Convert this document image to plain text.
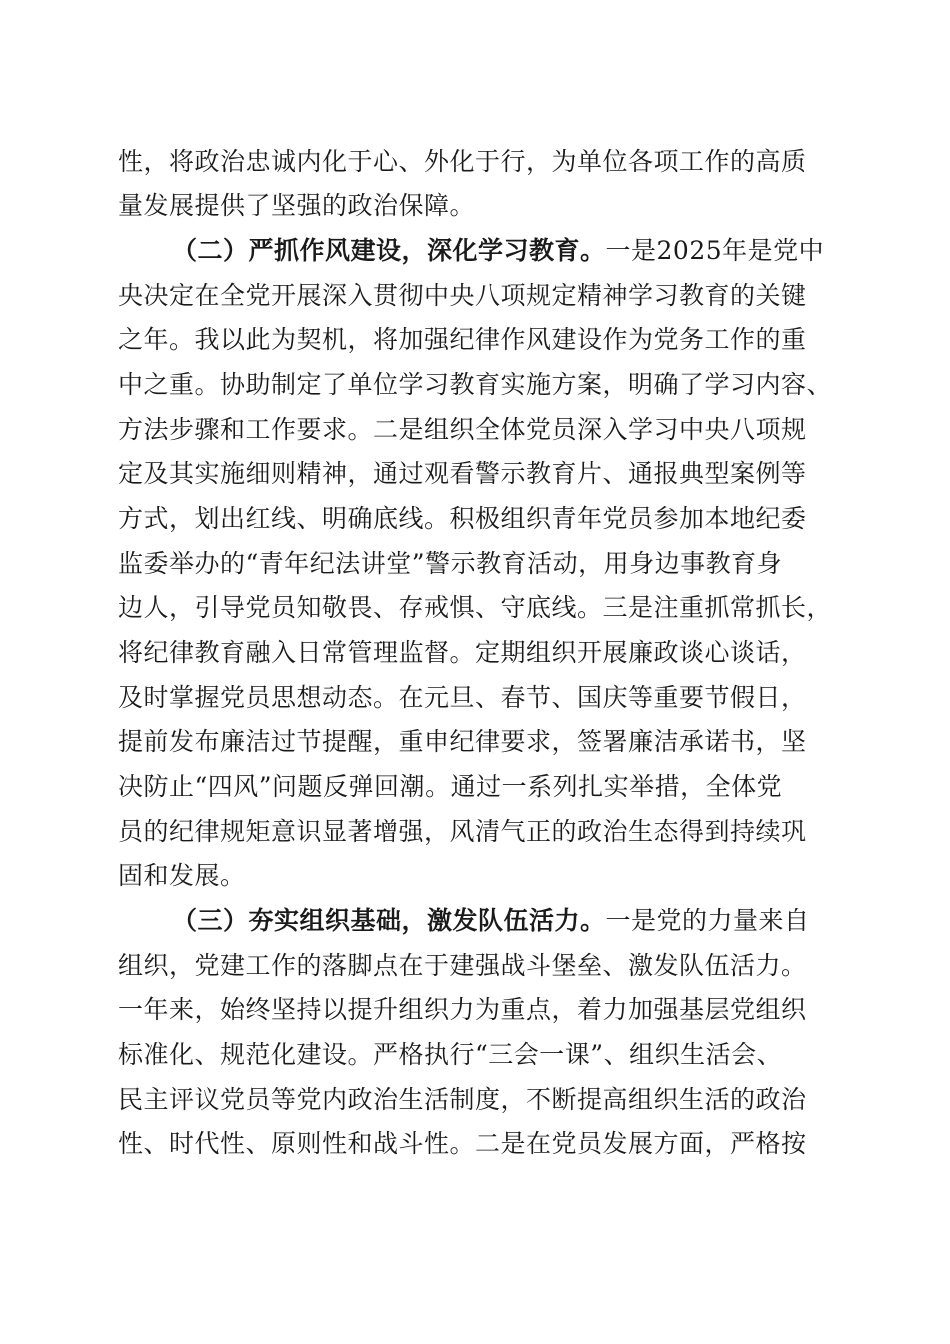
性，将政治忠诚内化于心、外化于行，为单位各项工作的高质
量发展提供了坚强的政治保障。
（二）严抓作风建设，深化学习教育。一是2025年是党中
央决定在全党开展深入贯彻中央八项规定精神学习教育的关键
之年。我以此为契机，将加强纪律作风建设作为党务工作的重
中之重。协助制定了单位学习教育实施方案，明确了学习内容、
方法步骤和工作要求。二是组织全体党员深入学习中央八项规
定及其实施细则精神，通过观看警示教育片、通报典型案例等
方式，划出红线、明确底线。积极组织青年党员参加本地纪委
监委举办的“青年纪法讲堂”警示教育活动，用身边事教育身
边人，引导党员知敬畏、存戒惧、守底线。三是注重抓常抓长，
将纪律教育融入日常管理监督。定期组织开展廉政谈心谈话，
及时掌握党员思想动态。在元旦、春节、国庆等重要节假日，
提前发布廉洁过节提醒，重申纪律要求，签署廉洁承诺书，坚
决防止“四风”问题反弹回潮。通过一系列扎实举措，全体党
员的纪律规矩意识显著增强，风清气正的政治生态得到持续巩
固和发展。
（三）夯实组织基础，激发队伍活力。一是党的力量来自
组织，党建工作的落脚点在于建强战斗堡垒、激发队伍活力。
一年来，始终坚持以提升组织力为重点，着力加强基层党组织
标准化、规范化建设。严格执行“三会一课”、组织生活会、
民主评议党员等党内政治生活制度，不断提高组织生活的政治
性、时代性、原则性和战斗性。二是在党员发展方面，严格按
